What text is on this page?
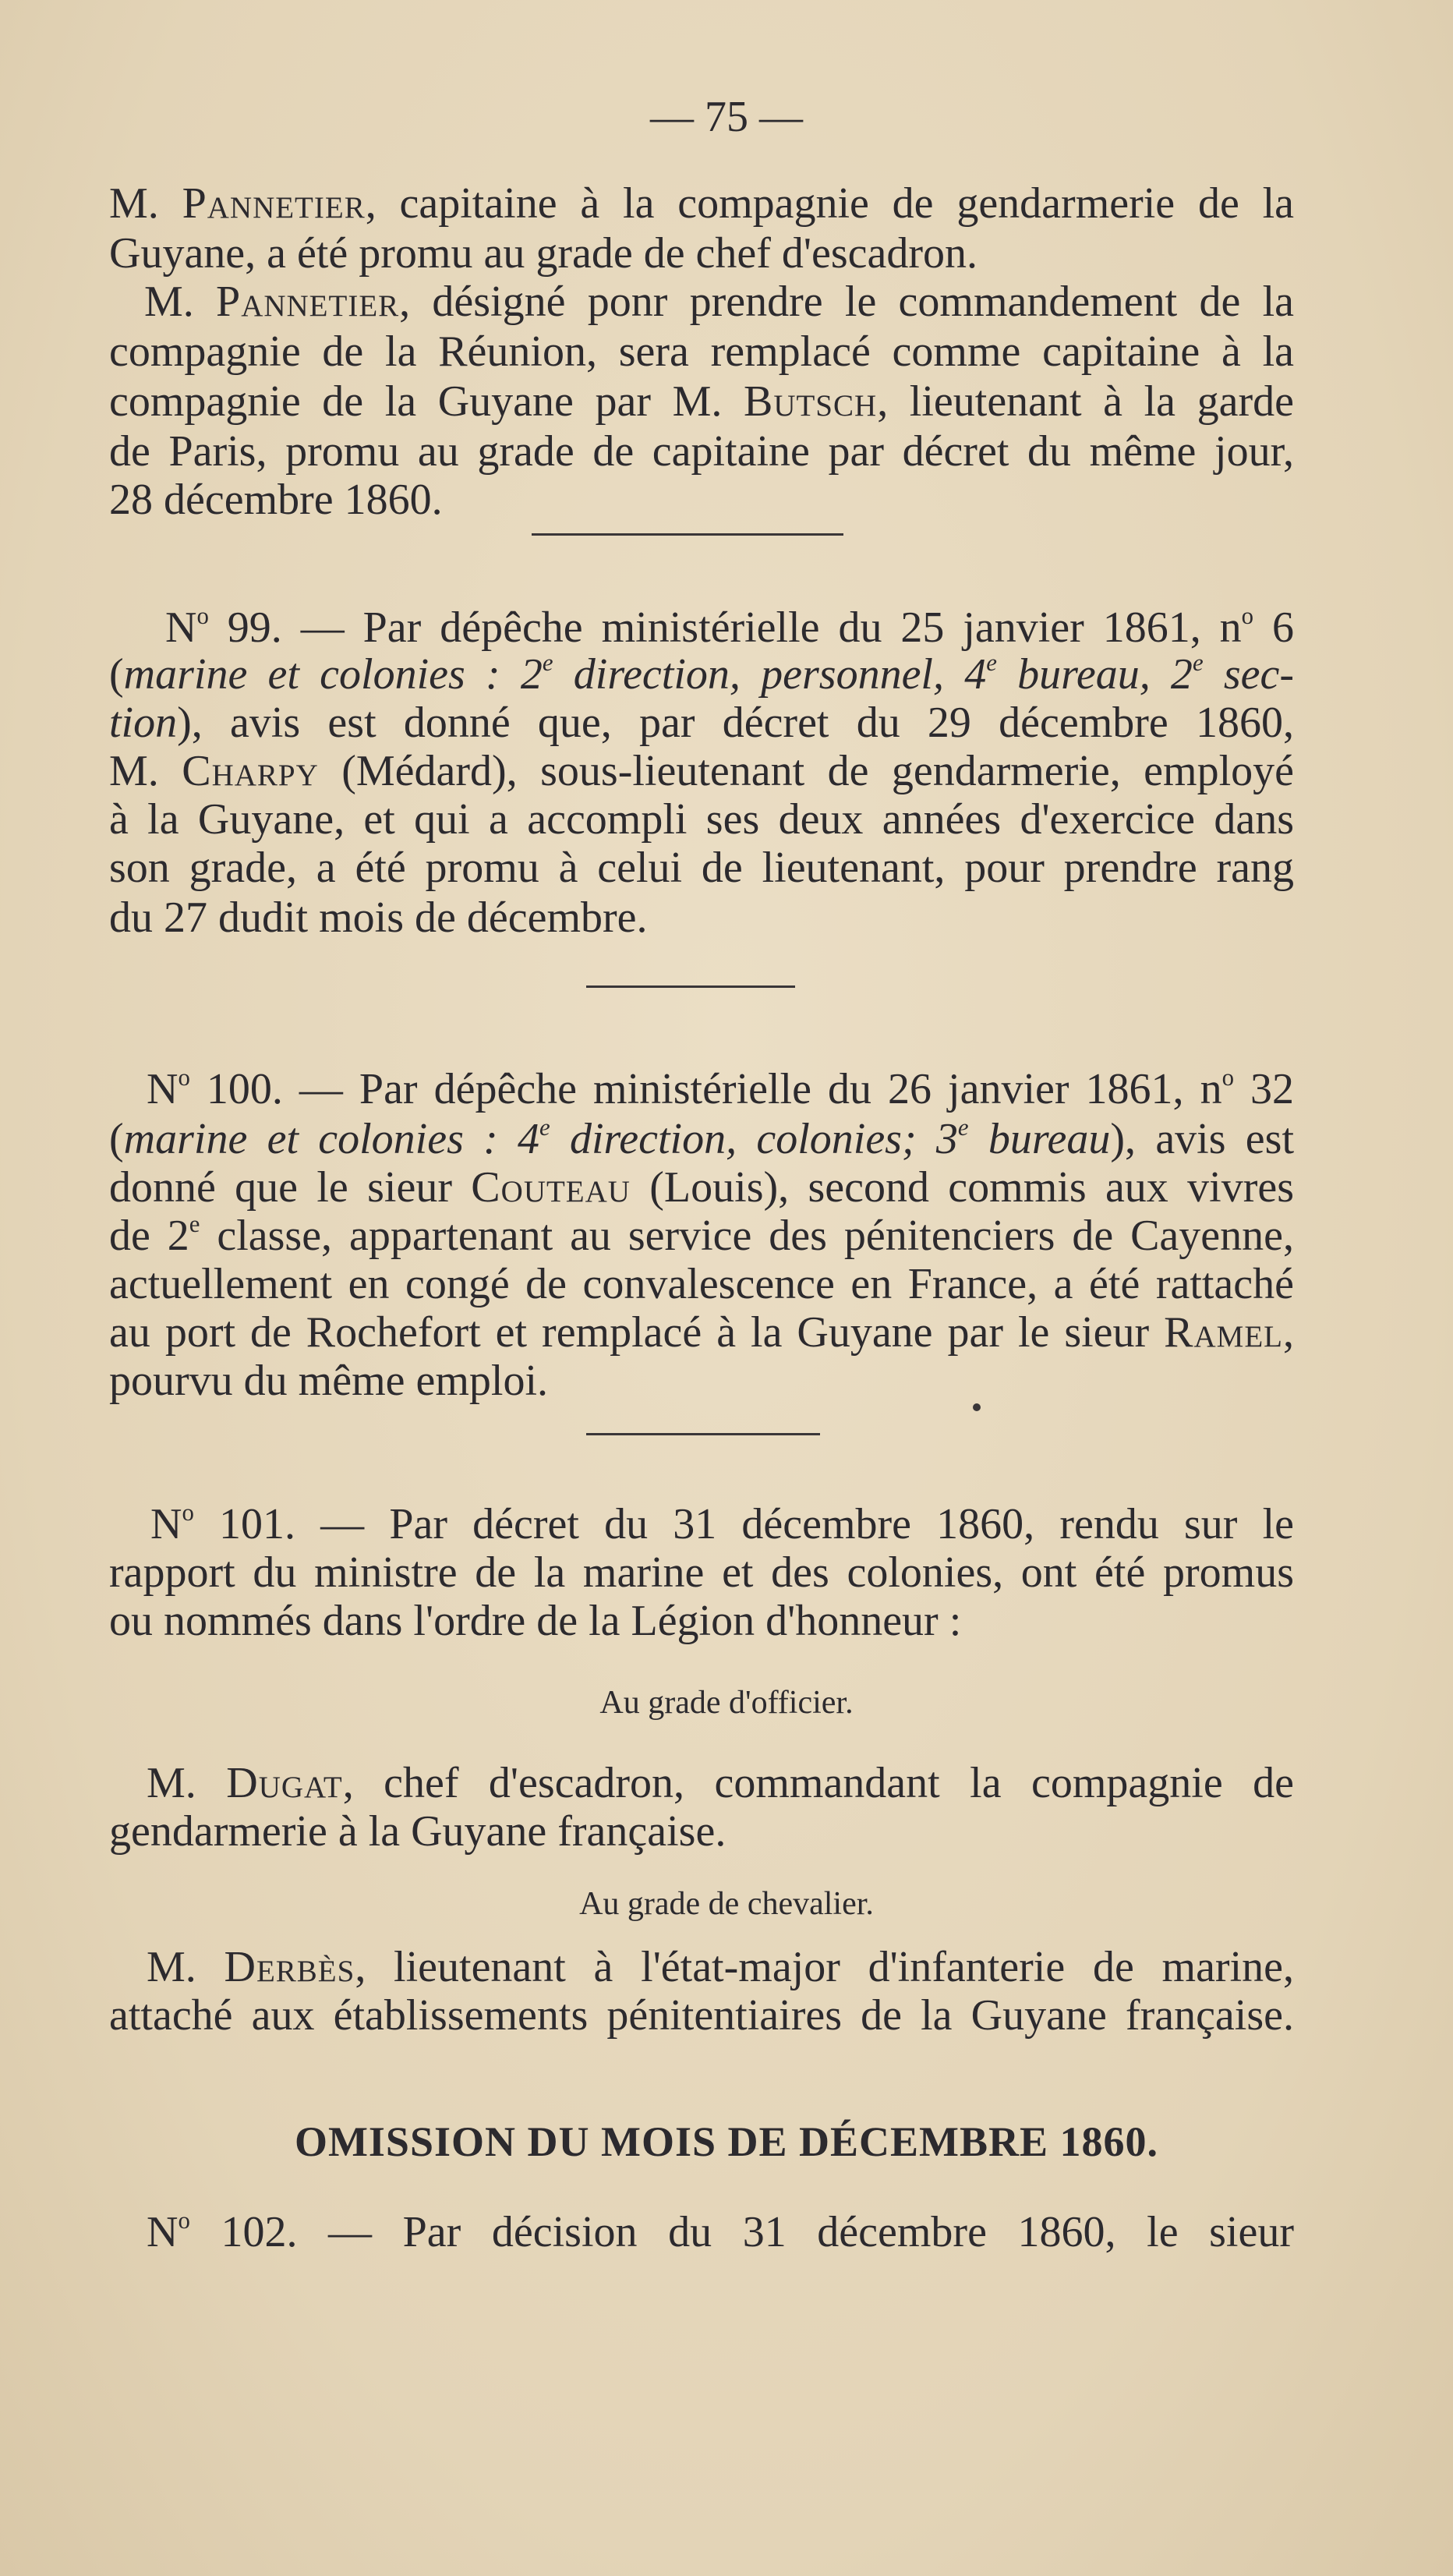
— 75 —
M. Pannetier, capitaine à la compagnie de gendarmerie de la
Guyane, a été promu au grade de chef d'escadron.
M. Pannetier, désigné ponr prendre le commandement de la
compagnie de la Réunion, sera remplacé comme capitaine à la
compagnie de la Guyane par M. Butsch, lieutenant à la garde
de Paris, promu au grade de capitaine par décret du même jour,
28 décembre 1860.
$N^o$ 99. — Par dépêche ministérielle du 25 janvier 1861, $n^o$ 6
(marine et colonies : 2e direction, personnel, 4e bureau, 2e sec-
tion), avis est donné que, par décret du 29 décembre 1860,
M. Charpy (Médard), sous-lieutenant de gendarmerie, employé
à la Guyane, et qui a accompli ses deux années d'exercice dans
son grade, a été promu à celui de lieutenant, pour prendre rang
du 27 dudit mois de décembre.
$N^o$ 100. — Par dépêche ministérielle du 26 janvier 1861, $n^o$ 32
(marine et colonies : 4e direction, colonies; 3e bureau), avis est
donné que le sieur Couteau (Louis), second commis aux vivres
de 2e classe, appartenant au service des pénitenciers de Cayenne,
actuellement en congé de convalescence en France, a été rattaché
au port de Rochefort et remplacé à la Guyane par le sieur Ramel,
pourvu du même emploi.
$N^o$ 101. — Par décret du 31 décembre 1860, rendu sur le
rapport du ministre de la marine et des colonies, ont été promus
ou nommés dans l'ordre de la Légion d'honneur :
Au grade d'officier.
M. Dugat, chef d'escadron, commandant la compagnie de
gendarmerie à la Guyane française.
Au grade de chevalier.
M. Derbès, lieutenant à l'état-major d'infanterie de marine,
attaché aux établissements pénitentiaires de la Guyane française.
OMISSION DU MOIS DE DÉCEMBRE 1860.
$N^o$ 102. — Par décision du 31 décembre 1860, le sieur
